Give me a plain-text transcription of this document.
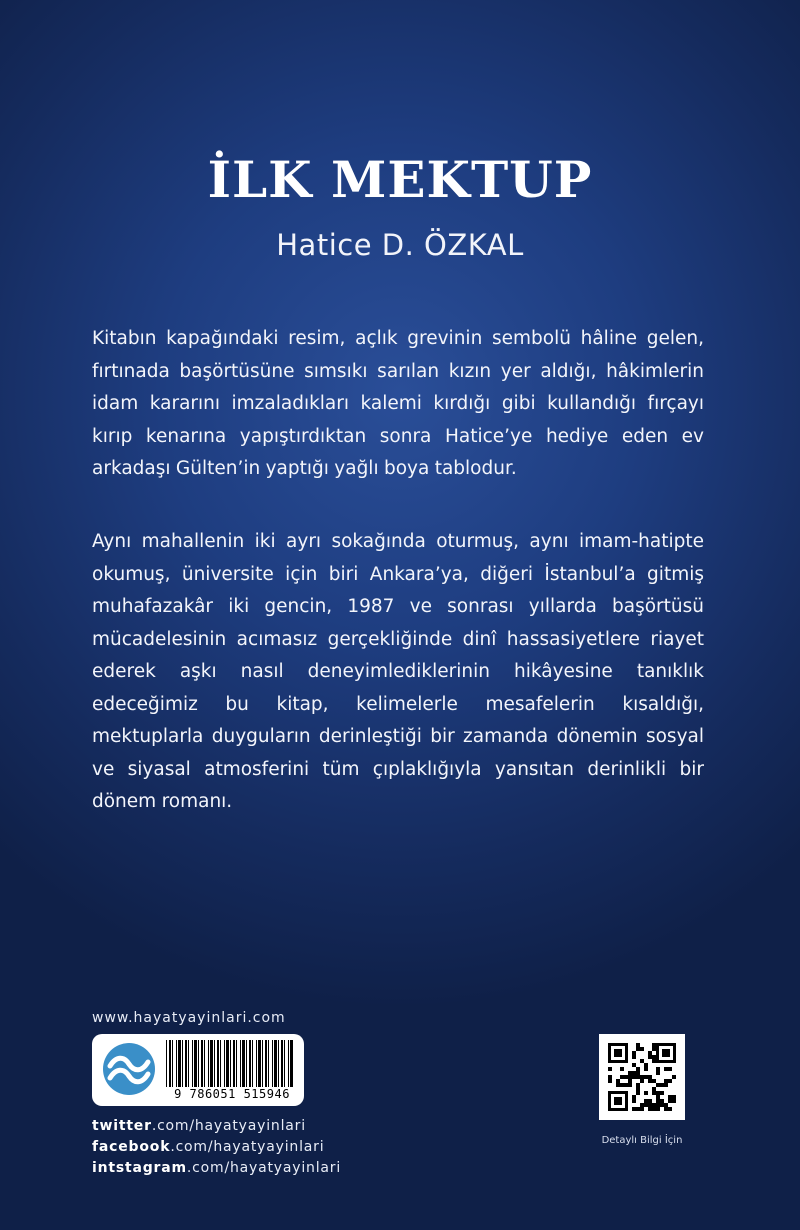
İLK MEKTUP
Hatice D. ÖZKAL

Kitabın kapağındaki resim, açlık grevinin sembolü hâline gelen, fırtınada başörtüsüne sımsıkı sarılan kızın yer aldığı, hâkimlerin idam kararını imzaladıkları kalemi kırdığı gibi kullandığı fırçayı kırıp kenarına yapıştırdıktan sonra Hatice’ye hediye eden ev arkadaşı Gülten’in yaptığı yağlı boya tablodur.

Aynı mahallenin iki ayrı sokağında oturmuş, aynı imam-hatipte okumuş, üniversite için biri Ankara’ya, diğeri İstanbul’a gitmiş muhafazakâr iki gencin, 1987 ve sonrası yıllarda başörtüsü mücadelesinin acımasız gerçekliğinde dinî hassasiyetlere riayet ederek aşkı nasıl deneyimlediklerinin hikâyesine tanıklık edeceğimiz bu kitap, kelimelerle mesafelerin kısaldığı, mektuplarla duyguların derinleştiği bir zamanda dönemin sosyal ve siyasal atmosferini tüm çıplaklığıyla yansıtan derinlikli bir dönem romanı.

www.hayatyayinlari.com
9 786051 515946
twitter.com/hayatyayinlari
facebook.com/hayatyayinlari
intstagram.com/hayatyayinlari
Detaylı Bilgi İçin
